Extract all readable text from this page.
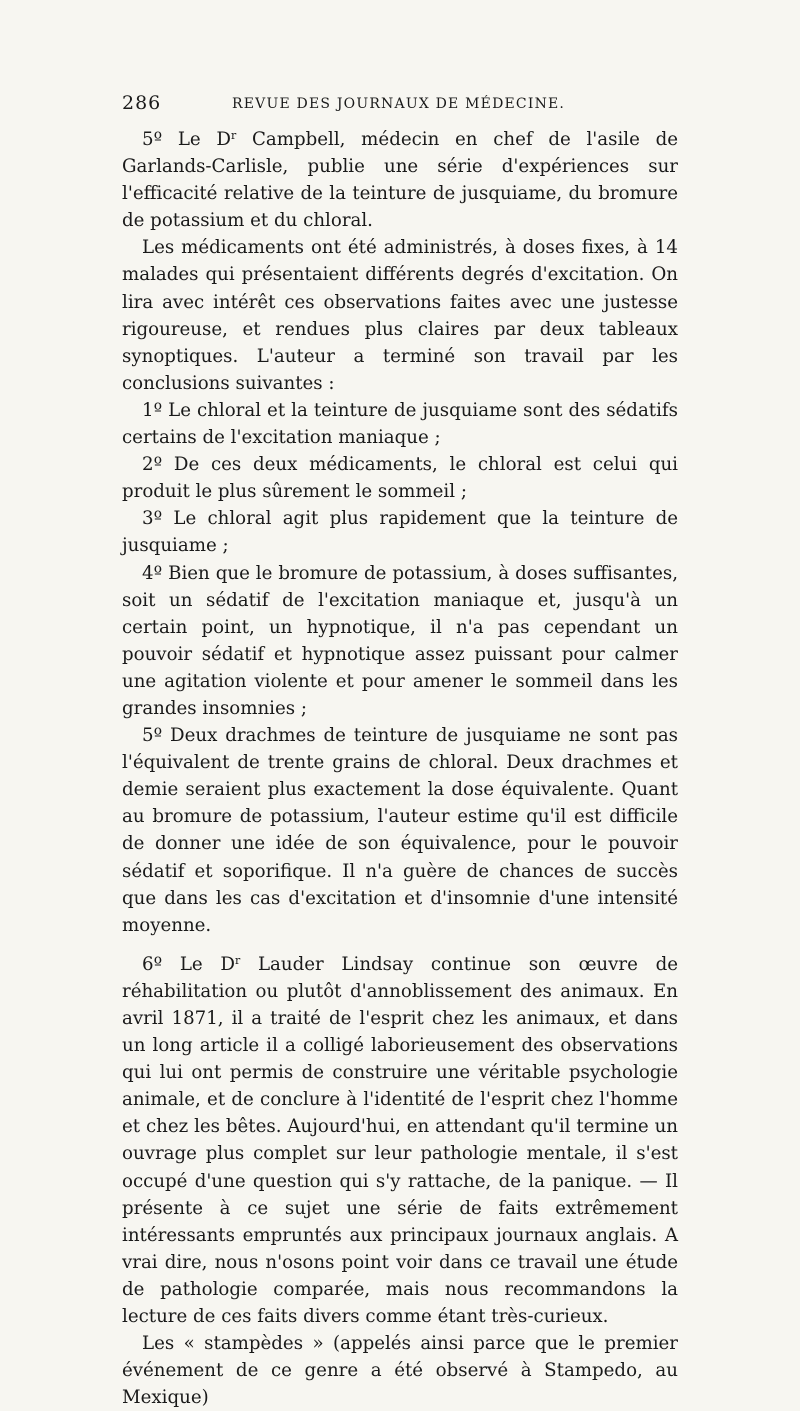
286	REVUE DES JOURNAUX DE MÉDECINE.

5º Le $D^r$ Campbell, médecin en chef de l'asile de Garlands-Carlisle, publie une série d'expériences sur l'efficacité relative de la teinture de jusquiame, du bromure de potassium et du chloral.

Les médicaments ont été administrés, à doses fixes, à 14 malades qui présentaient différents degrés d'excitation. On lira avec intérêt ces observations faites avec une justesse rigoureuse, et rendues plus claires par deux tableaux synoptiques. L'auteur a terminé son travail par les conclusions suivantes :

1º Le chloral et la teinture de jusquiame sont des sédatifs certains de l'excitation maniaque ;

2º De ces deux médicaments, le chloral est celui qui produit le plus sûrement le sommeil ;

3º Le chloral agit plus rapidement que la teinture de jusquiame ;

4º Bien que le bromure de potassium, à doses suffisantes, soit un sédatif de l'excitation maniaque et, jusqu'à un certain point, un hypnotique, il n'a pas cependant un pouvoir sédatif et hypnotique assez puissant pour calmer une agitation violente et pour amener le sommeil dans les grandes insomnies ;

5º Deux drachmes de teinture de jusquiame ne sont pas l'équivalent de trente grains de chloral. Deux drachmes et demie seraient plus exactement la dose équivalente. Quant au bromure de potassium, l'auteur estime qu'il est difficile de donner une idée de son équivalence, pour le pouvoir sédatif et soporifique. Il n'a guère de chances de succès que dans les cas d'excitation et d'insomnie d'une intensité moyenne.

6º Le $D^r$ Lauder Lindsay continue son œuvre de réhabilitation ou plutôt d'annoblissement des animaux. En avril 1871, il a traité de l'esprit chez les animaux, et dans un long article il a colligé laborieusement des observations qui lui ont permis de construire une véritable psychologie animale, et de conclure à l'identité de l'esprit chez l'homme et chez les bêtes. Aujourd'hui, en attendant qu'il termine un ouvrage plus complet sur leur pathologie mentale, il s'est occupé d'une question qui s'y rattache, de la panique. — Il présente à ce sujet une série de faits extrêmement intéressants empruntés aux principaux journaux anglais. A vrai dire, nous n'osons point voir dans ce travail une étude de pathologie comparée, mais nous recommandons la lecture de ces faits divers comme étant très-curieux.

Les « stampèdes » (appelés ainsi parce que le premier événement de ce genre a été observé à Stampedo, au Mexique)
